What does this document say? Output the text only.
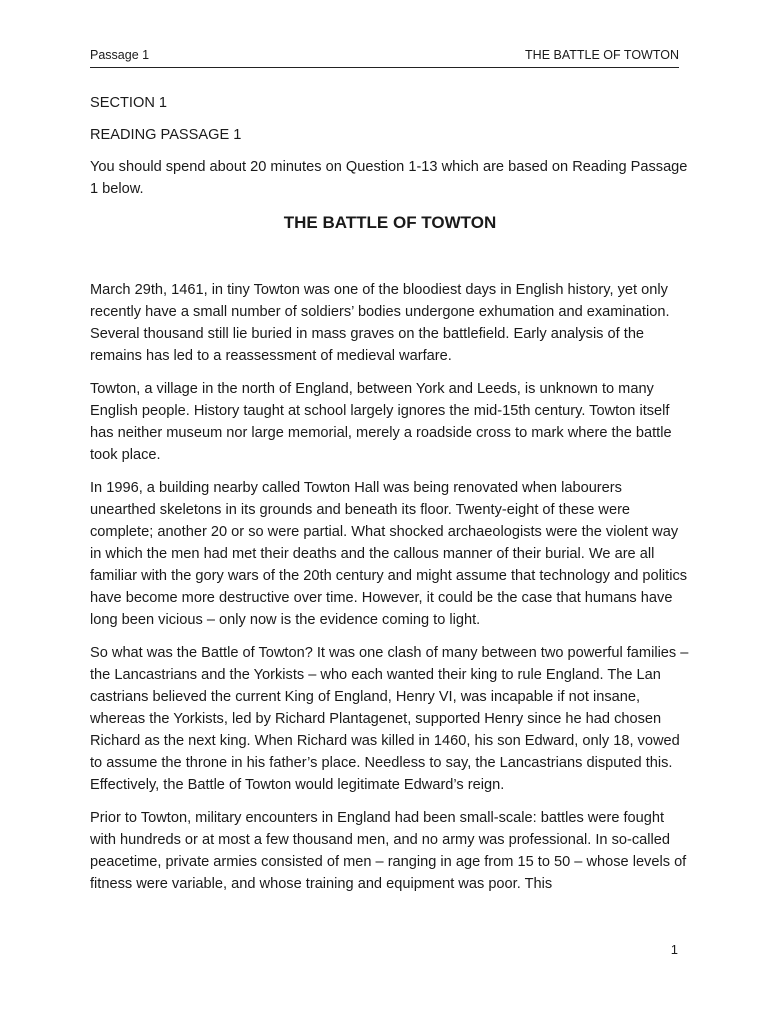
Passage 1	THE BATTLE OF TOWTON

SECTION 1

READING PASSAGE 1

You should spend about 20 minutes on Question 1-13 which are based on Reading Passage 1 below.

THE BATTLE OF TOWTON

March 29th, 1461, in tiny Towton was one of the bloodiest days in English history, yet only recently have a small number of soldiers’ bodies undergone exhumation and examination. Several thousand still lie buried in mass graves on the battlefield. Early analysis of the remains has led to a reassessment of medieval warfare.

Towton, a village in the north of England, between York and Leeds, is unknown to many English people. History taught at school largely ignores the mid-15th century. Towton itself has neither museum nor large memorial, merely a roadside cross to mark where the battle took place.

In 1996, a building nearby called Towton Hall was being renovated when labourers unearthed skeletons in its grounds and beneath its floor. Twenty-eight of these were complete; another 20 or so were partial. What shocked archaeologists were the violent way in which the men had met their deaths and the callous manner of their burial. We are all familiar with the gory wars of the 20th century and might assume that technology and politics have become more destructive over time. However, it could be the case that humans have long been vicious – only now is the evidence coming to light.

So what was the Battle of Towton? It was one clash of many between two powerful families –the Lancastrians and the Yorkists – who each wanted their king to rule England. The Lan castrians believed the current King of England, Henry VI, was incapable if not insane, whereas the Yorkists, led by Richard Plantagenet, supported Henry since he had chosen Richard as the next king. When Richard was killed in 1460, his son Edward, only 18, vowed to assume the throne in his father’s place. Needless to say, the Lancastrians disputed this. Effectively, the Battle of Towton would legitimate Edward’s reign.

Prior to Towton, military encounters in England had been small-scale: battles were fought with hundreds or at most a few thousand men, and no army was professional. In so-called peacetime, private armies consisted of men – ranging in age from 15 to 50 – whose levels of fitness were variable, and whose training and equipment was poor. This

1
